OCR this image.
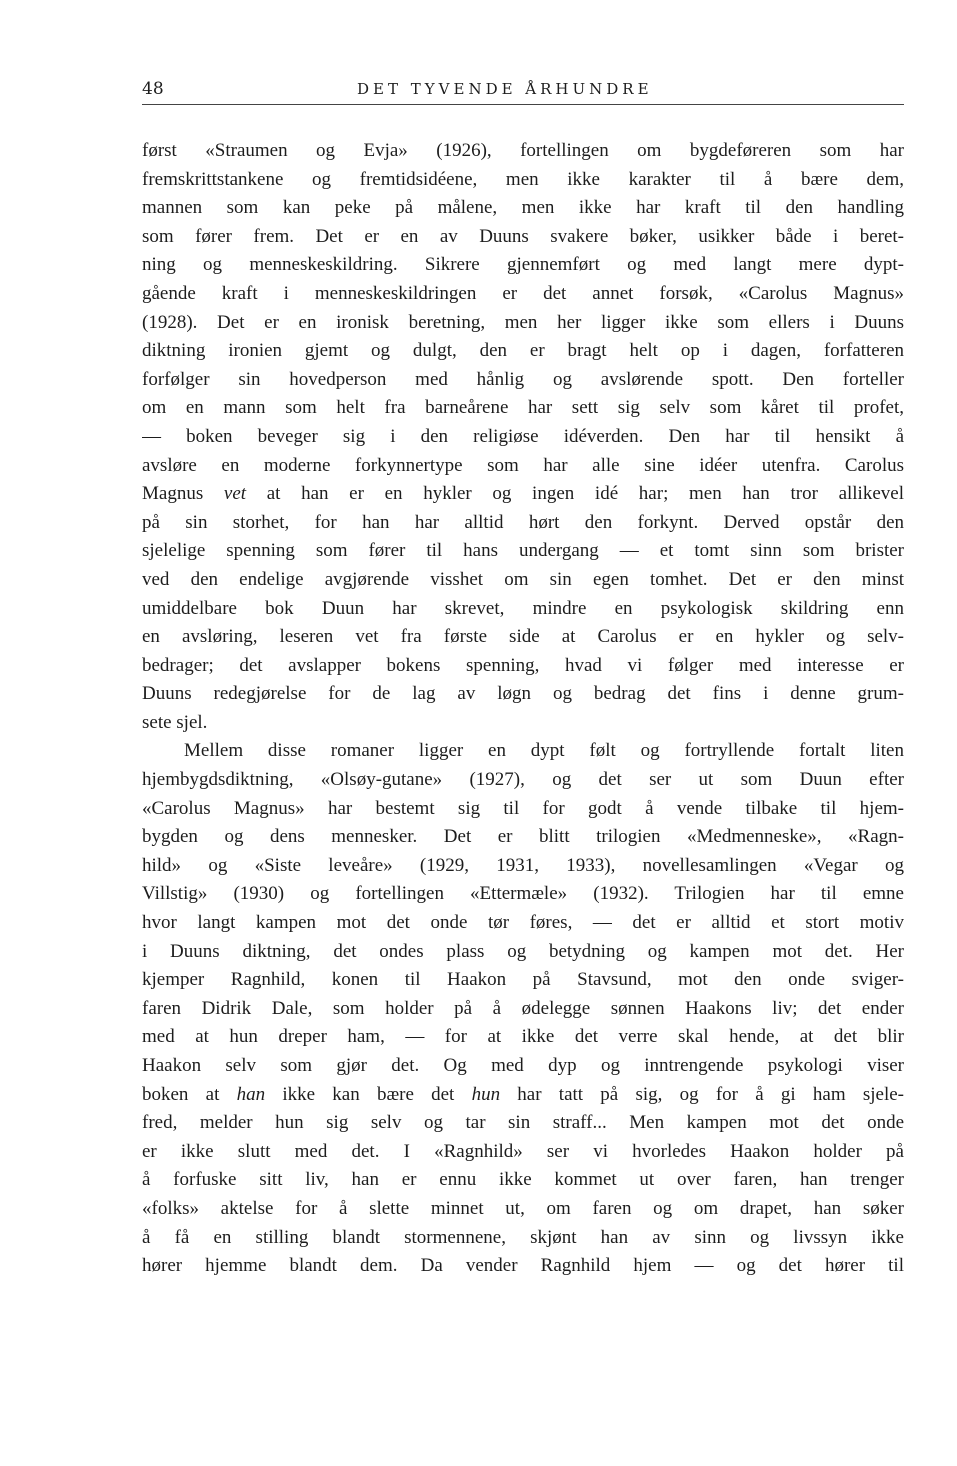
48	DET TYVENDE ÅRHUNDRE
først «Straumen og Evja» (1926), fortellingen om bygdeføreren som har
fremskrittstankene og fremtidsidéene, men ikke karakter til å bære dem,
mannen som kan peke på målene, men ikke har kraft til den handling
som fører frem. Det er en av Duuns svakere bøker, usikker både i beret-
ning og menneskeskildring. Sikrere gjennemført og med langt mere dypt-
gående kraft i menneskeskildringen er det annet forsøk, «Carolus Magnus»
(1928). Det er en ironisk beretning, men her ligger ikke som ellers i Duuns
diktning ironien gjemt og dulgt, den er bragt helt op i dagen, forfatteren
forfølger sin hovedperson med hånlig og avslørende spott. Den forteller
om en mann som helt fra barneårene har sett sig selv som kåret til profet,
— boken beveger sig i den religiøse idéverden. Den har til hensikt å
avsløre en moderne forkynnertype som har alle sine idéer utenfra. Carolus
Magnus vet at han er en hykler og ingen idé har; men han tror allikevel
på sin storhet, for han har alltid hørt den forkynt. Derved opstår den
sjelelige spenning som fører til hans undergang — et tomt sinn som brister
ved den endelige avgjørende visshet om sin egen tomhet. Det er den minst
umiddelbare bok Duun har skrevet, mindre en psykologisk skildring enn
en avsløring, leseren vet fra første side at Carolus er en hykler og selv-
bedrager; det avslapper bokens spenning, hvad vi følger med interesse er
Duuns redegjørelse for de lag av løgn og bedrag det fins i denne grum-
sete sjel.
Mellem disse romaner ligger en dypt følt og fortryllende fortalt liten
hjembygdsdiktning, «Olsøy-gutane» (1927), og det ser ut som Duun efter
«Carolus Magnus» har bestemt sig til for godt å vende tilbake til hjem-
bygden og dens mennesker. Det er blitt trilogien «Medmenneske», «Ragn-
hild» og «Siste leveåre» (1929, 1931, 1933), novellesamlingen «Vegar og
Villstig» (1930) og fortellingen «Ettermæle» (1932). Trilogien har til emne
hvor langt kampen mot det onde tør føres, — det er alltid et stort motiv
i Duuns diktning, det ondes plass og betydning og kampen mot det. Her
kjemper Ragnhild, konen til Haakon på Stavsund, mot den onde sviger-
faren Didrik Dale, som holder på å ødelegge sønnen Haakons liv; det ender
med at hun dreper ham, — for at ikke det verre skal hende, at det blir
Haakon selv som gjør det. Og med dyp og inntrengende psykologi viser
boken at han ikke kan bære det hun har tatt på sig, og for å gi ham sjele-
fred, melder hun sig selv og tar sin straff... Men kampen mot det onde
er ikke slutt med det. I «Ragnhild» ser vi hvorledes Haakon holder på
å forfuske sitt liv, han er ennu ikke kommet ut over faren, han trenger
«folks» aktelse for å slette minnet ut, om faren og om drapet, han søker
å få en stilling blandt stormennene, skjønt han av sinn og livssyn ikke
hører hjemme blandt dem. Da vender Ragnhild hjem — og det hører til
